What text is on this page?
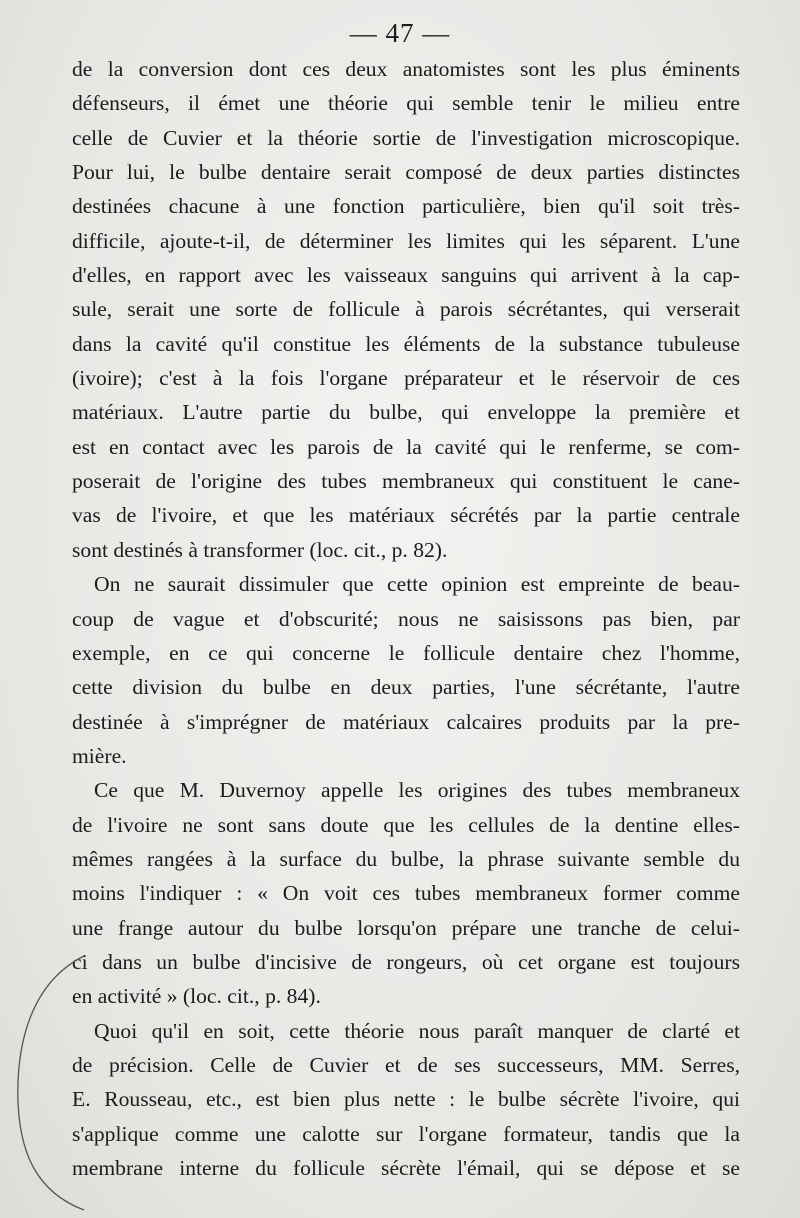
— 47 —
de la conversion dont ces deux anatomistes sont les plus éminents
défenseurs, il émet une théorie qui semble tenir le milieu entre
celle de Cuvier et la théorie sortie de l'investigation microscopique.
Pour lui, le bulbe dentaire serait composé de deux parties distinctes
destinées chacune à une fonction particulière, bien qu'il soit très-
difficile, ajoute-t-il, de déterminer les limites qui les séparent. L'une
d'elles, en rapport avec les vaisseaux sanguins qui arrivent à la cap-
sule, serait une sorte de follicule à parois sécrétantes, qui verserait
dans la cavité qu'il constitue les éléments de la substance tubuleuse
(ivoire); c'est à la fois l'organe préparateur et le réservoir de ces
matériaux. L'autre partie du bulbe, qui enveloppe la première et
est en contact avec les parois de la cavité qui le renferme, se com-
poserait de l'origine des tubes membraneux qui constituent le cane-
vas de l'ivoire, et que les matériaux sécrétés par la partie centrale
sont destinés à transformer (loc. cit., p. 82).
On ne saurait dissimuler que cette opinion est empreinte de beau-
coup de vague et d'obscurité; nous ne saisissons pas bien, par
exemple, en ce qui concerne le follicule dentaire chez l'homme,
cette division du bulbe en deux parties, l'une sécrétante, l'autre
destinée à s'imprégner de matériaux calcaires produits par la pre-
mière.
Ce que M. Duvernoy appelle les origines des tubes membraneux
de l'ivoire ne sont sans doute que les cellules de la dentine elles-
mêmes rangées à la surface du bulbe, la phrase suivante semble du
moins l'indiquer : « On voit ces tubes membraneux former comme
une frange autour du bulbe lorsqu'on prépare une tranche de celui-
ci dans un bulbe d'incisive de rongeurs, où cet organe est toujours
en activité » (loc. cit., p. 84).
Quoi qu'il en soit, cette théorie nous paraît manquer de clarté et
de précision. Celle de Cuvier et de ses successeurs, MM. Serres,
E. Rousseau, etc., est bien plus nette : le bulbe sécrète l'ivoire, qui
s'applique comme une calotte sur l'organe formateur, tandis que la
membrane interne du follicule sécrète l'émail, qui se dépose et se
